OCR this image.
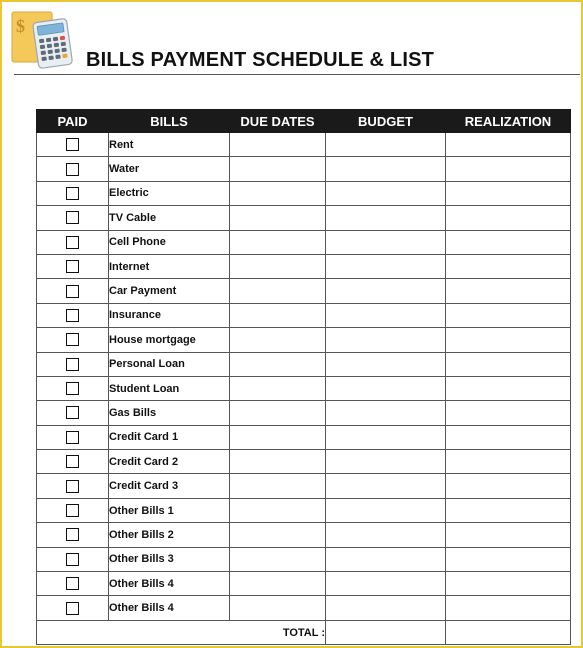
$
BILLS PAYMENT SCHEDULE & LIST
PAID	BILLS	DUE DATES	BUDGET	REALIZATION
	Rent			
	Water			
	Electric			
	TV Cable			
	Cell Phone			
	Internet			
	Car Payment			
	Insurance			
	House mortgage			
	Personal Loan			
	Student Loan			
	Gas Bills			
	Credit Card 1			
	Credit Card 2			
	Credit Card 3			
	Other Bills 1			
	Other Bills 2			
	Other Bills 3			
	Other Bills 4			
	Other Bills 4			
TOTAL :				
